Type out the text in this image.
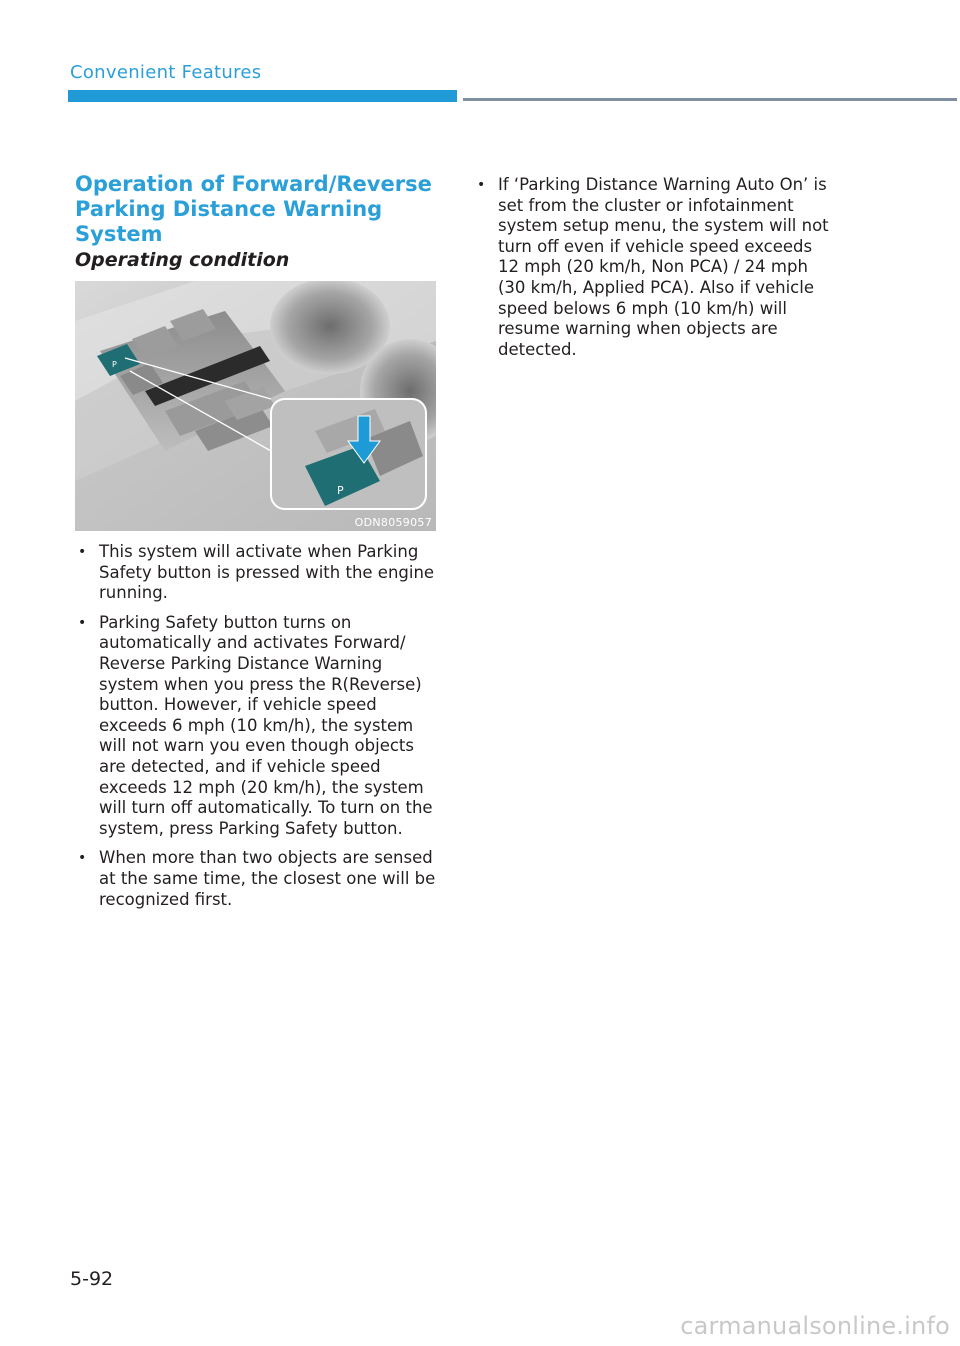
Convenient Features
Operation of Forward/Reverse Parking Distance Warning System
Operating condition
P
P
ODN8059057
• This system will activate when Parking Safety button is pressed with the engine running.
• Parking Safety button turns on automatically and activates Forward/ Reverse Parking Distance Warning system when you press the R(Reverse) button. However, if vehicle speed exceeds 6 mph (10 km/h), the system will not warn you even though objects are detected, and if vehicle speed exceeds 12 mph (20 km/h), the system will turn off automatically. To turn on the system, press Parking Safety button.
• When more than two objects are sensed at the same time, the closest one will be recognized first.
• If ‘Parking Distance Warning Auto On’ is set from the cluster or infotainment system setup menu, the system will not turn off even if vehicle speed exceeds 12 mph (20 km/h, Non PCA) / 24 mph (30 km/h, Applied PCA). Also if vehicle speed belows 6 mph (10 km/h) will resume warning when objects are detected.
5-92
carmanualsonline.info
